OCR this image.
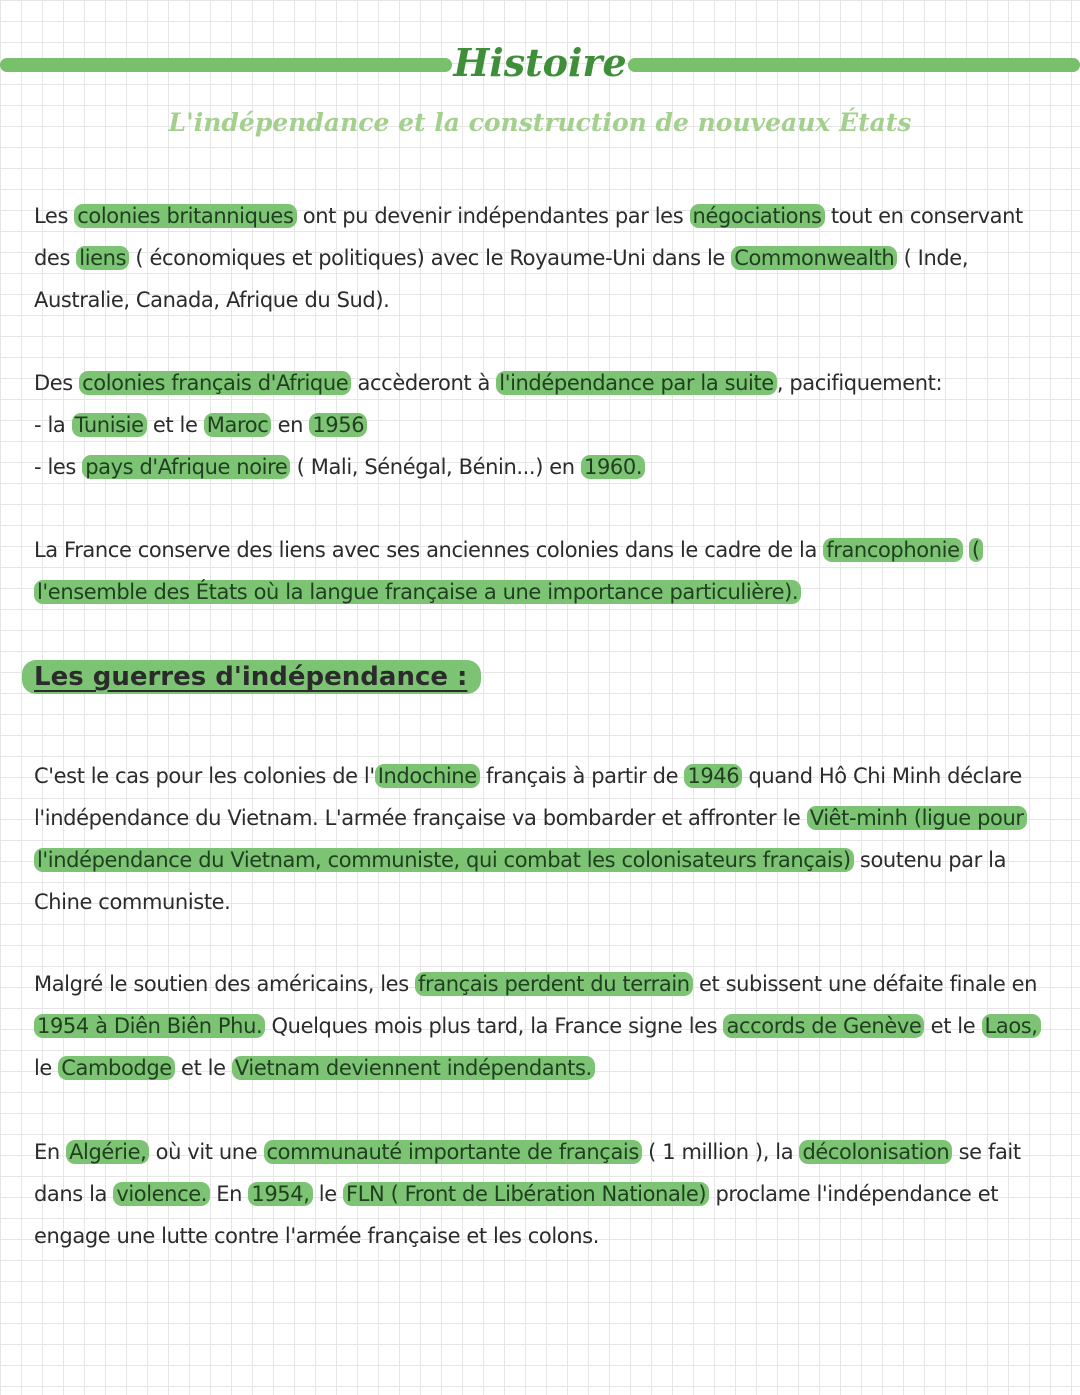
Histoire
L'indépendance et la construction de nouveaux États

Les colonies britanniques ont pu devenir indépendantes par les négociations tout en conservant des liens ( économiques et politiques) avec le Royaume-Uni dans le Commonwealth ( Inde, Australie, Canada, Afrique du Sud).

Des colonies français d'Afrique accèderont à l'indépendance par la suite , pacifiquement:
- la Tunisie et le Maroc en 1956
- les pays d'Afrique noire ( Mali, Sénégal, Bénin...) en 1960.

La France conserve des liens avec ses anciennes colonies dans le cadre de la francophonie ( l'ensemble des États où la langue française a une importance particulière).

Les guerres d'indépendance :

C'est le cas pour les colonies de l' Indochine français à partir de 1946 quand Hô Chi Minh déclare l'indépendance du Vietnam. L'armée française va bombarder et affronter le Viêt-minh (ligue pour l'indépendance du Vietnam, communiste, qui combat les colonisateurs français) soutenu par la Chine communiste.

Malgré le soutien des américains, les français perdent du terrain et subissent une défaite finale en 1954 à Diên Biên Phu. Quelques mois plus tard, la France signe les accords de Genève et le Laos, le Cambodge et le Vietnam deviennent indépendants.

En Algérie, où vit une communauté importante de français ( 1 million ), la décolonisation se fait dans la violence. En 1954, le FLN ( Front de Libération Nationale) proclame l'indépendance et engage une lutte contre l'armée française et les colons.
